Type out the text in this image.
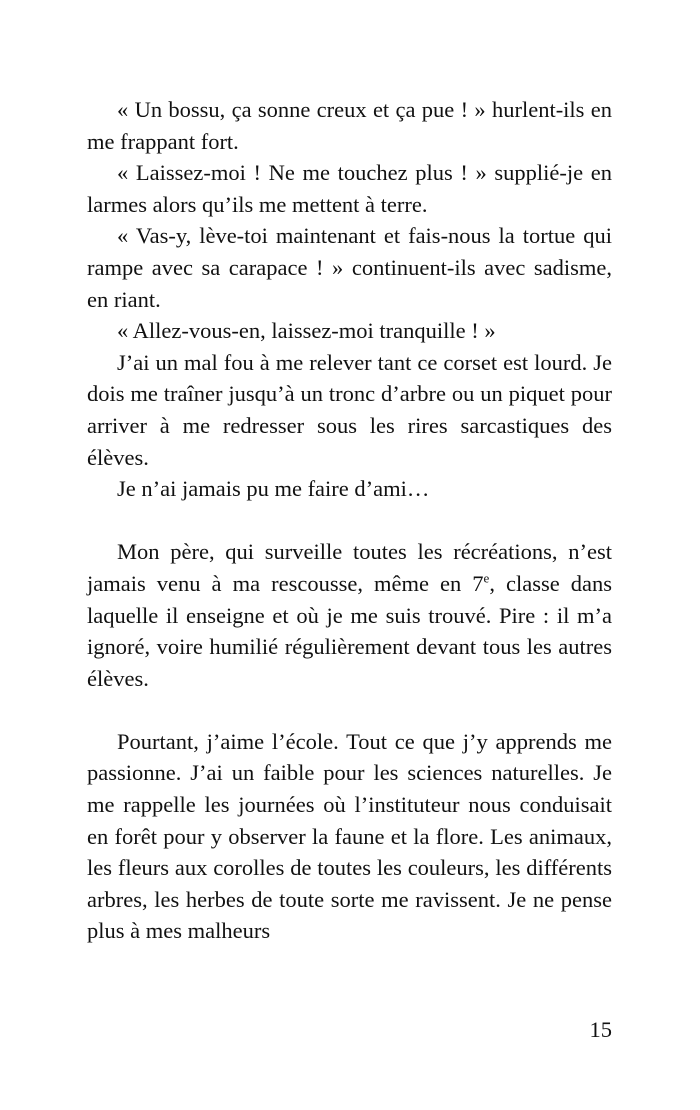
« Un bossu, ça sonne creux et ça pue ! » hurlent-ils en me frappant fort.

« Laissez-moi ! Ne me touchez plus ! » supplié-je en larmes alors qu’ils me mettent à terre.

« Vas-y, lève-toi maintenant et fais-nous la tortue qui rampe avec sa carapace ! » continuent-ils avec sadisme, en riant.

« Allez-vous-en, laissez-moi tranquille ! »

J’ai un mal fou à me relever tant ce corset est lourd. Je dois me traîner jusqu’à un tronc d’arbre ou un piquet pour arriver à me redresser sous les rires sarcastiques des élèves.

Je n’ai jamais pu me faire d’ami…

Mon père, qui surveille toutes les récréations, n’est jamais venu à ma rescousse, même en 7e, classe dans laquelle il enseigne et où je me suis trouvé. Pire : il m’a ignoré, voire humilié régulièrement devant tous les autres élèves.

Pourtant, j’aime l’école. Tout ce que j’y apprends me passionne. J’ai un faible pour les sciences naturelles. Je me rappelle les journées où l’instituteur nous conduisait en forêt pour y observer la faune et la flore. Les animaux, les fleurs aux corolles de toutes les couleurs, les différents arbres, les herbes de toute sorte me ravissent. Je ne pense plus à mes malheurs

15
